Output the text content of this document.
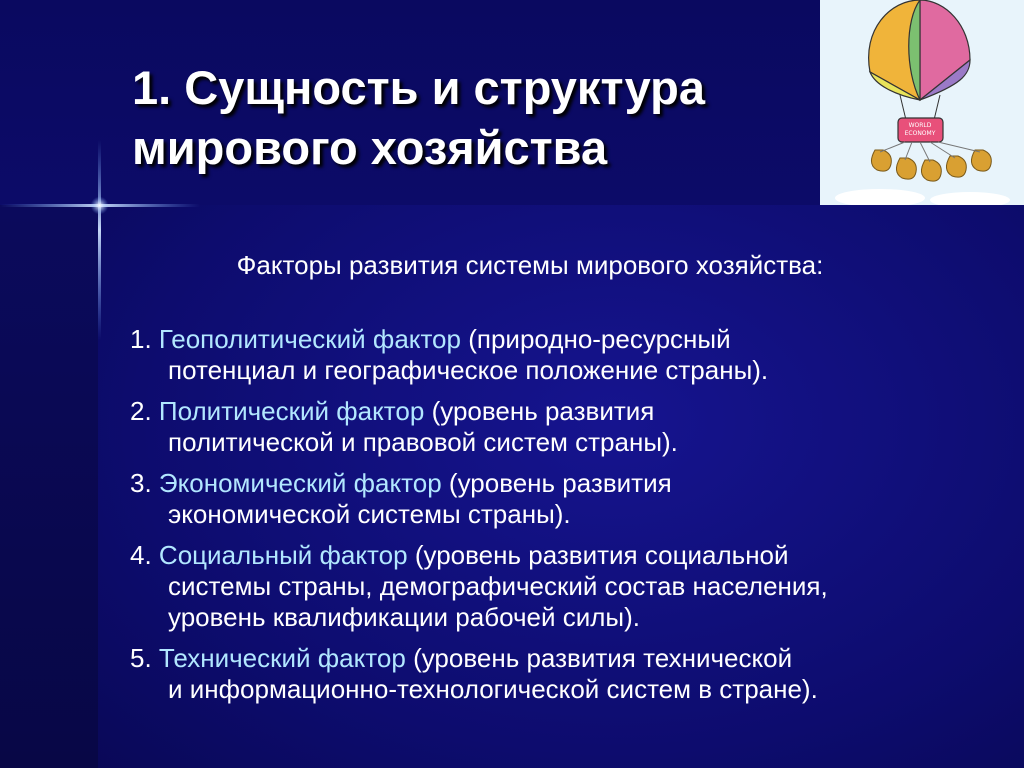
1. Сущность и структура
мирового хозяйства	WORLD
ECONOMY
Факторы развития системы мирового хозяйства:
1. Геополитический фактор (природно-ресурсный
потенциал и географическое положение страны).
2. Политический фактор (уровень развития
политической и правовой систем страны).
3. Экономический фактор (уровень развития
экономической системы страны).
4. Социальный фактор (уровень развития социальной
системы страны, демографический состав населения,
уровень квалификации рабочей силы).
5. Технический фактор (уровень развития технической
и информационно-технологической систем в стране).
